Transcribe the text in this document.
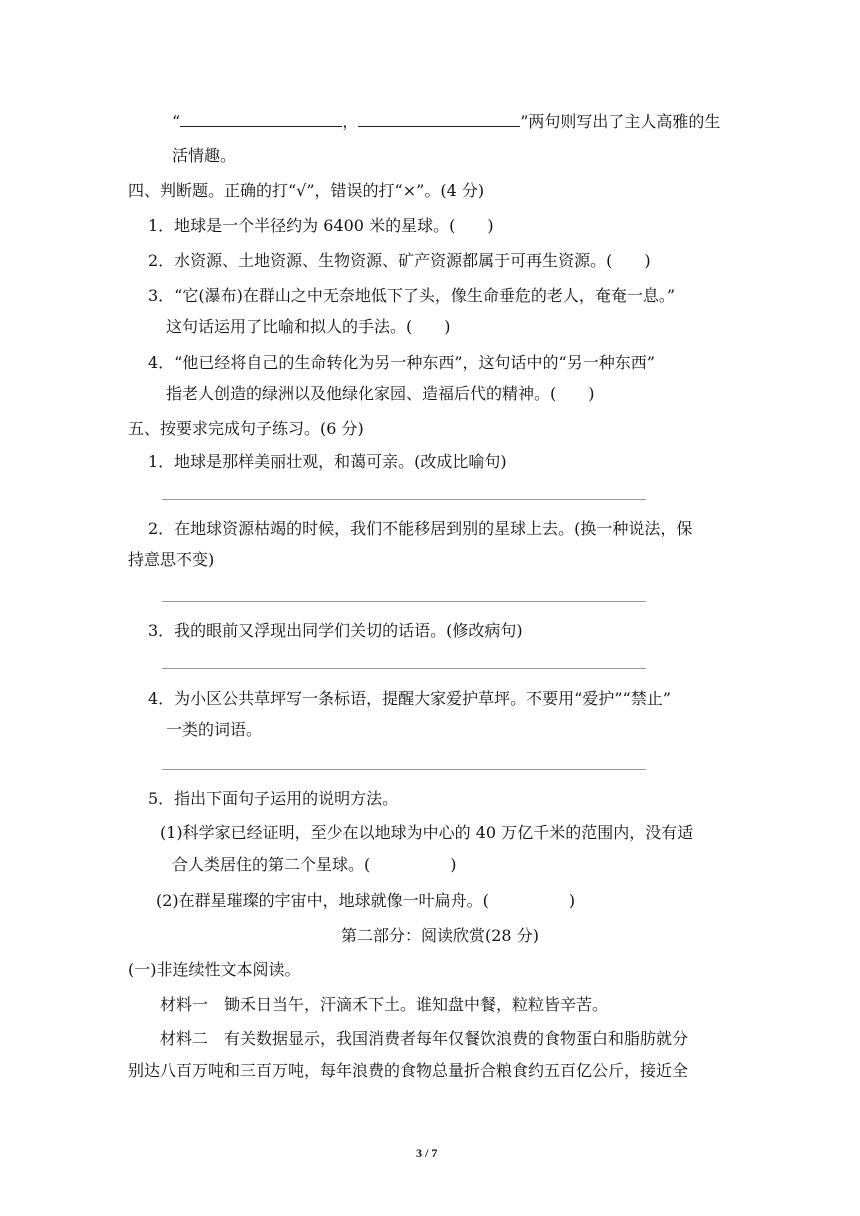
“	，	”两句则写出了主人高雅的生
活情趣。
四、判断题。正确的打“√”，错误的打“×”。(4 分)
1．地球是一个半径约为 6400 米的星球。(　　)
2．水资源、土地资源、生物资源、矿产资源都属于可再生资源。(　　)
3．“它(瀑布)在群山之中无奈地低下了头，像生命垂危的老人，奄奄一息。”
这句话运用了比喻和拟人的手法。(　　)
4．“他已经将自己的生命转化为另一种东西”，这句话中的“另一种东西”
指老人创造的绿洲以及他绿化家园、造福后代的精神。(　　)
五、按要求完成句子练习。(6 分)
1．地球是那样美丽壮观，和蔼可亲。(改成比喻句)
2．在地球资源枯竭的时候，我们不能移居到别的星球上去。(换一种说法，保
持意思不变)
3．我的眼前又浮现出同学们关切的话语。(修改病句)
4．为小区公共草坪写一条标语，提醒大家爱护草坪。不要用“爱护”“禁止”
一类的词语。
5．指出下面句子运用的说明方法。
(1)科学家已经证明，至少在以地球为中心的 40 万亿千米的范围内，没有适
合人类居住的第二个星球。(　　　　　)
(2)在群星璀璨的宇宙中，地球就像一叶扁舟。(　　　　　)
第二部分：阅读欣赏(28 分)
(一)非连续性文本阅读。
材料一　锄禾日当午，汗滴禾下土。谁知盘中餐，粒粒皆辛苦。
材料二　有关数据显示，我国消费者每年仅餐饮浪费的食物蛋白和脂肪就分
别达八百万吨和三百万吨，每年浪费的食物总量折合粮食约五百亿公斤，接近全
3 / 7
